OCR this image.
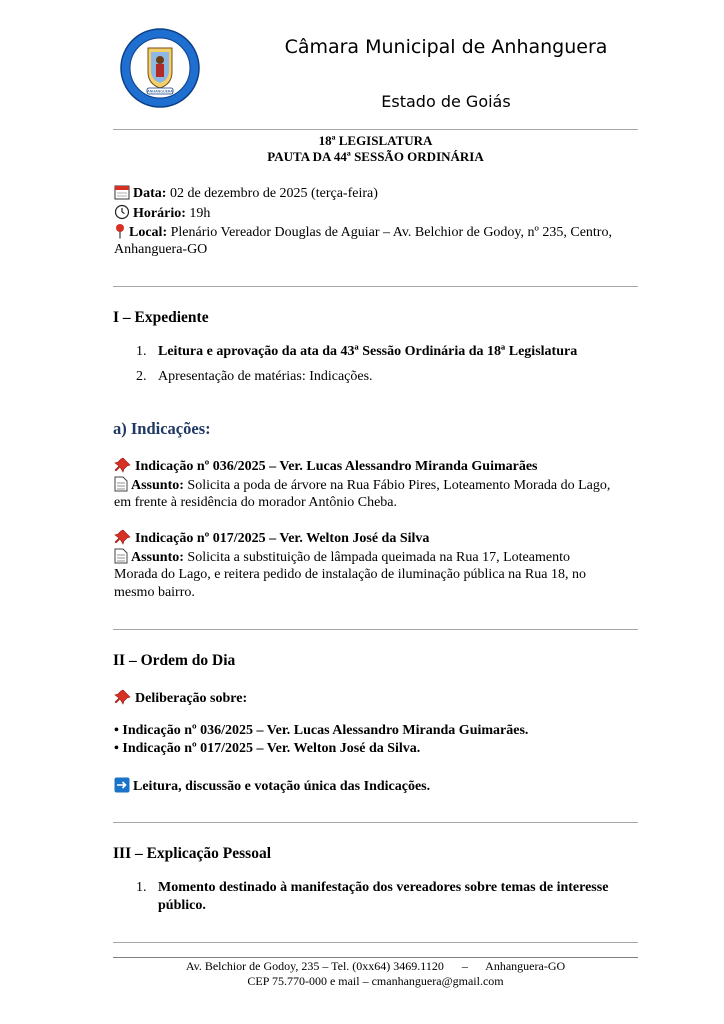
ANHANGUERA
Câmara Municipal de Anhanguera
Estado de Goiás
18ª LEGISLATURA
PAUTA DA 44ª SESSÃO ORDINÁRIA
Data: 02 de dezembro de 2025 (terça-feira)
Horário: 19h
Local: Plenário Vereador Douglas de Aguiar – Av. Belchior de Godoy, nº 235, Centro,
Anhanguera-GO
I – Expediente
1. Leitura e aprovação da ata da 43ª Sessão Ordinária da 18ª Legislatura
2. Apresentação de matérias: Indicações.
a) Indicações:
Indicação nº 036/2025 – Ver. Lucas Alessandro Miranda Guimarães
Assunto: Solicita a poda de árvore na Rua Fábio Pires, Loteamento Morada do Lago,
em frente à residência do morador Antônio Cheba.
Indicação nº 017/2025 – Ver. Welton José da Silva
Assunto: Solicita a substituição de lâmpada queimada na Rua 17, Loteamento
Morada do Lago, e reitera pedido de instalação de iluminação pública na Rua 18, no
mesmo bairro.
II – Ordem do Dia
Deliberação sobre:
• Indicação nº 036/2025 – Ver. Lucas Alessandro Miranda Guimarães.
• Indicação nº 017/2025 – Ver. Welton José da Silva.
Leitura, discussão e votação única das Indicações.
III – Explicação Pessoal
1. Momento destinado à manifestação dos vereadores sobre temas de interesse
público.
Av. Belchior de Godoy, 235 – Tel. (0xx64) 3469.1120      –      Anhanguera-GO
CEP 75.770-000 e mail – cmanhanguera@gmail.com
